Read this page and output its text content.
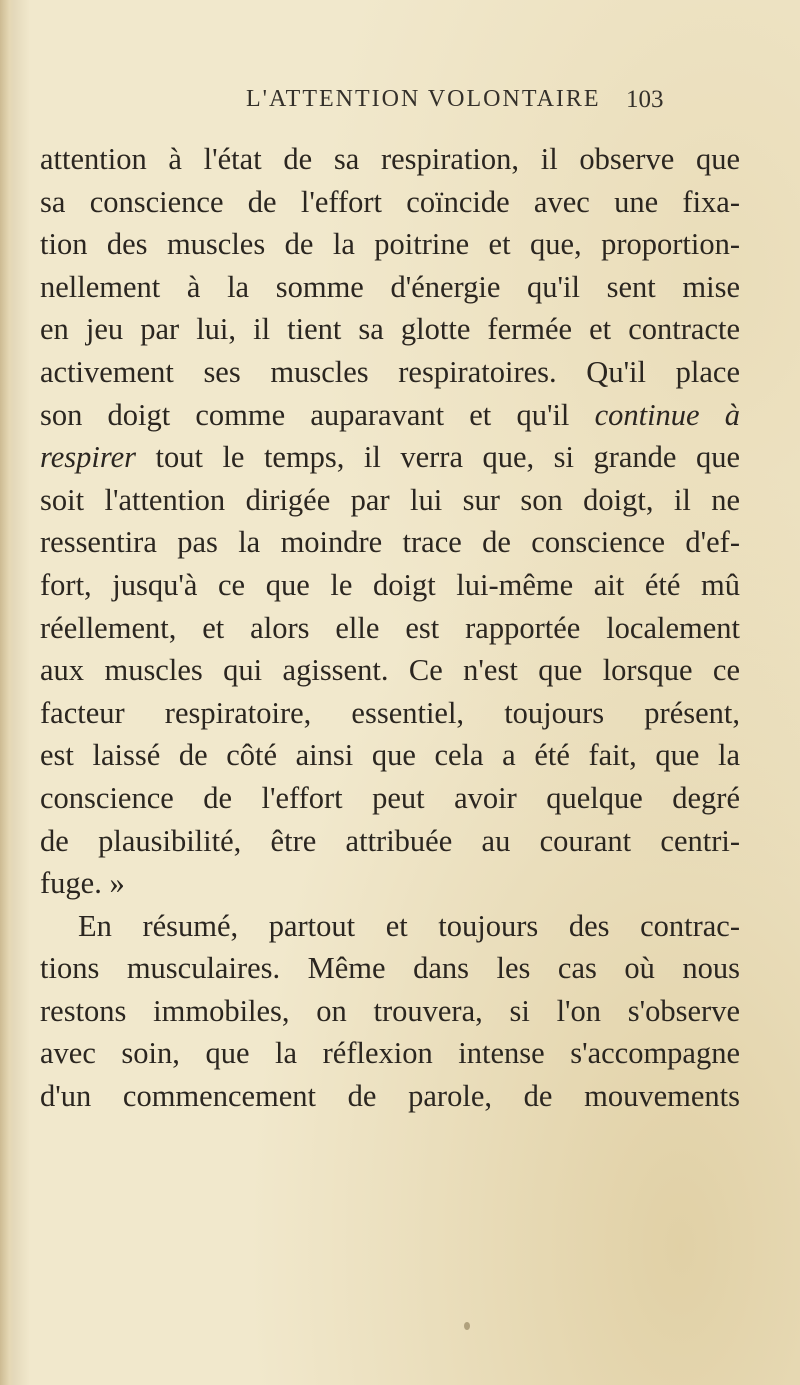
L'ATTENTION VOLONTAIRE 103
attention à l'état de sa respiration, il observe que
sa conscience de l'effort coïncide avec une fixa-
tion des muscles de la poitrine et que, proportion-
nellement à la somme d'énergie qu'il sent mise
en jeu par lui, il tient sa glotte fermée et contracte
activement ses muscles respiratoires. Qu'il place
son doigt comme auparavant et qu'il continue à
respirer tout le temps, il verra que, si grande que
soit l'attention dirigée par lui sur son doigt, il ne
ressentira pas la moindre trace de conscience d'ef-
fort, jusqu'à ce que le doigt lui-même ait été mû
réellement, et alors elle est rapportée localement
aux muscles qui agissent. Ce n'est que lorsque ce
facteur respiratoire, essentiel, toujours présent,
est laissé de côté ainsi que cela a été fait, que la
conscience de l'effort peut avoir quelque degré
de plausibilité, être attribuée au courant centri-
fuge. »
En résumé, partout et toujours des contrac-
tions musculaires. Même dans les cas où nous
restons immobiles, on trouvera, si l'on s'observe
avec soin, que la réflexion intense s'accompagne
d'un commencement de parole, de mouvements
